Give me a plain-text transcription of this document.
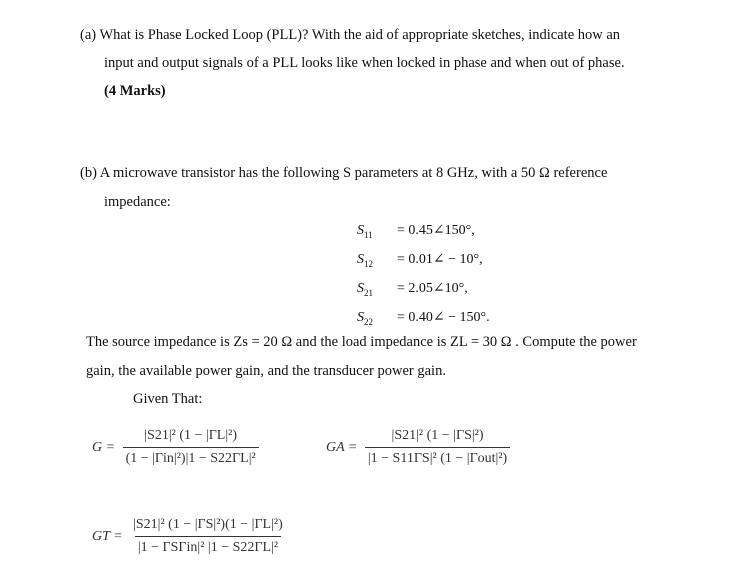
(a) What is Phase Locked Loop (PLL)? With the aid of appropriate sketches, indicate how an
input and output signals of a PLL looks like when locked in phase and when out of phase.
(4 Marks)
(b) A microwave transistor has the following S parameters at 8 GHz, with a 50 Ω reference
impedance:
$S_{11}$ = 0.45∠150°,
$S_{12}$ = 0.01∠ − 10°,
$S_{21}$ = 2.05∠10°,
$S_{22}$ = 0.40∠ − 150°.
The source impedance is Zs = 20 Ω and the load impedance is ZL = 30 Ω . Compute the power
gain, the available power gain, and the transducer power gain.
Given That:
$G = \frac{\text{|S21|² (1 − |ΓL|²)}}{\text{(1 − |Γin|²)|1 − S22ΓL|²}}$	GA = $\frac{\text{|S21|² (1 − |ΓS|²)}}{\text{|1 − S11ΓS|² (1 − |Γout|²)}}$
GT = $\frac{\text{|S21|² (1 − |ΓS|²)(1 − |ΓL|²)}}{\text{|1 − ΓSΓin|² |1 − S22ΓL|²}}$
